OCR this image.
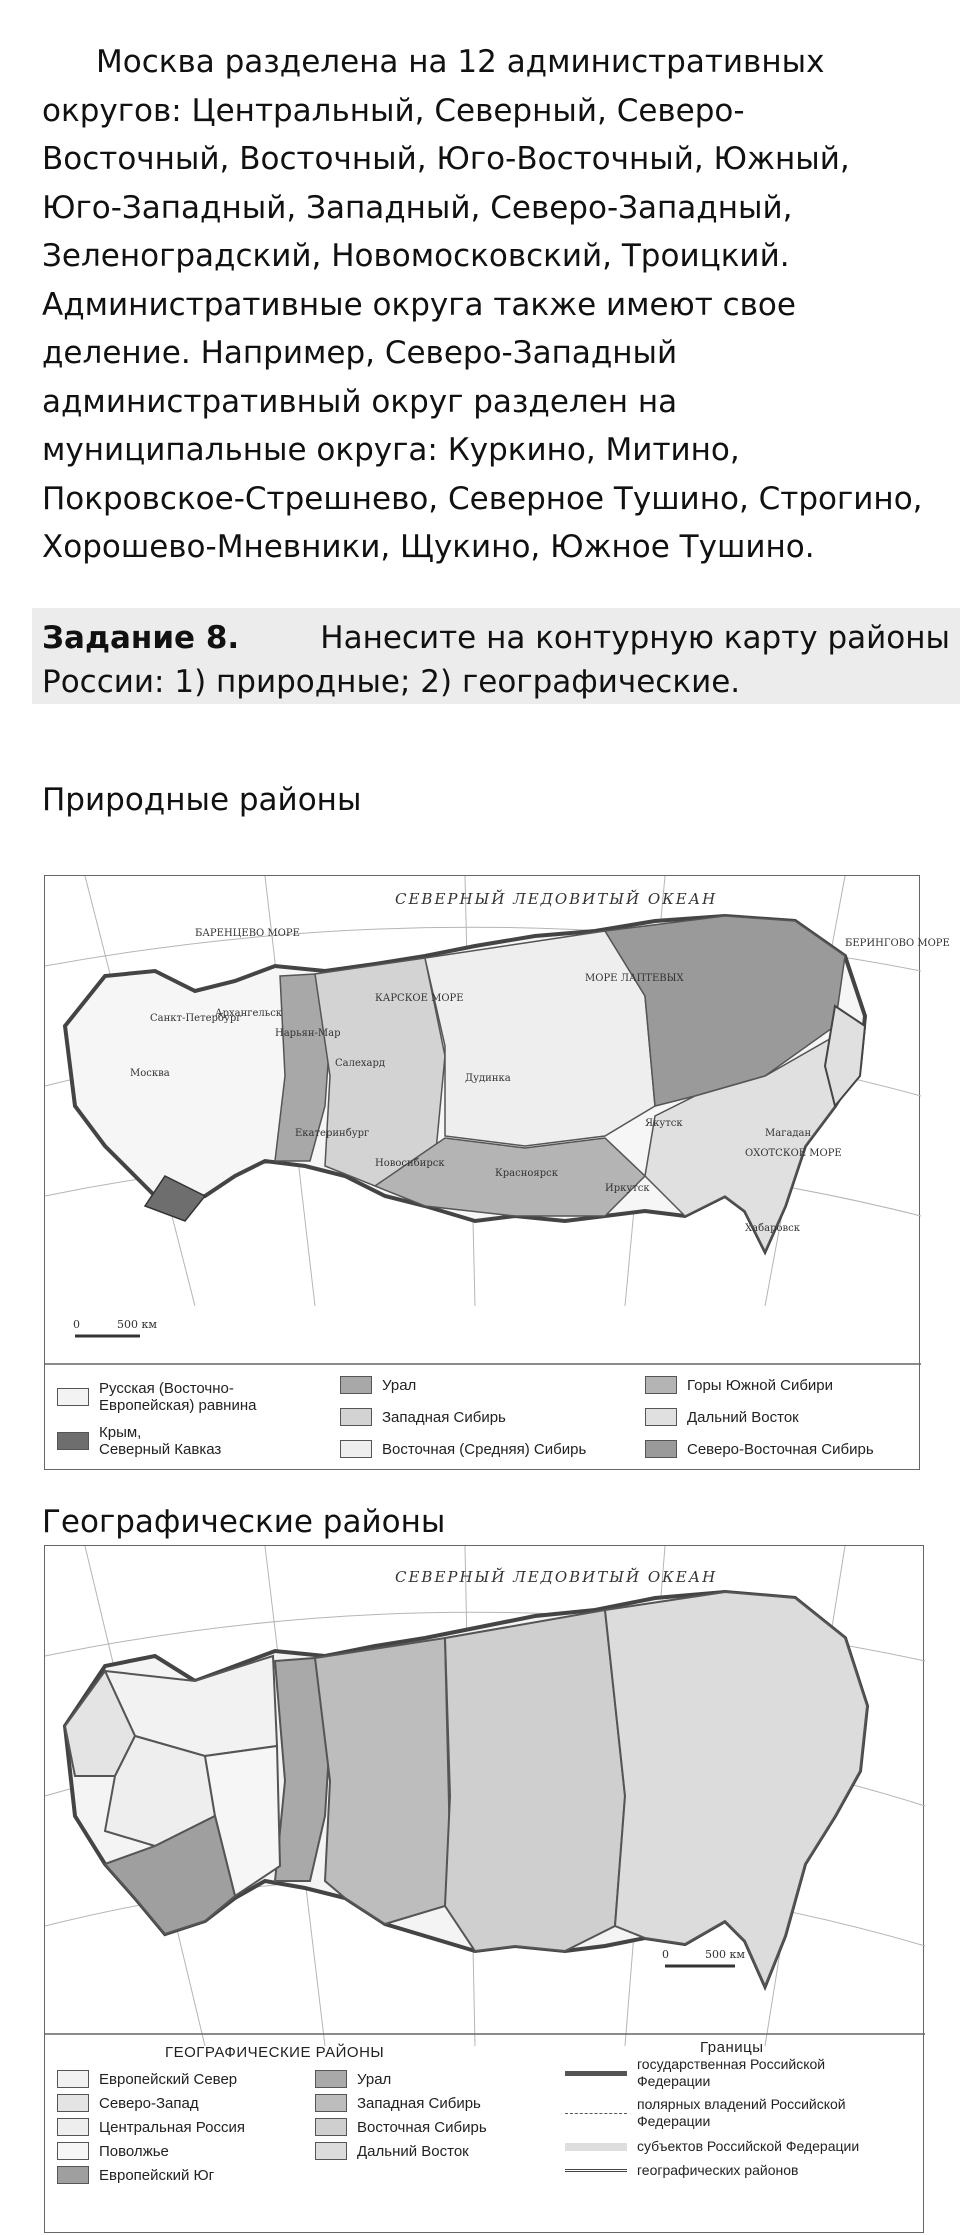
Москва разделена на 12 административных
округов: Центральный, Северный, Северо-
Восточный, Восточный, Юго-Восточный, Южный,
Юго-Западный, Западный, Северо-Западный,
Зеленоградский, Новомосковский, Троицкий.
Административные округа также имеют свое
деление. Например, Северо-Западный
административный округ разделен на
муниципальные округа: Куркино, Митино,
Покровское-Стрешнево, Северное Тушино, Строгино,
Хорошево-Мневники, Щукино, Южное Тушино.

Задание 8.	Нанесите на контурную карту районы
России: 1) природные; 2) географические.
Природные районы
0	500 км
СЕВЕРНЫЙ ЛЕДОВИТЫЙ ОКЕАН
КАРСКОЕ МОРЕ
МОРЕ ЛАПТЕВЫХ
ОХОТСКОЕ МОРЕ
БЕРИНГОВО МОРЕ
БАРЕНЦЕВО МОРЕ
Санкт-Петербург
Москва
Архангельск
Нарьян-Мар
Салехард
Дудинка
Якутск
Магадан
Хабаровск
Иркутск
Красноярск
Новосибирск
Екатеринбург
Русская (Восточно-
Европейская) равнина
Крым,
Северный Кавказ
Урал
Западная Сибирь
Восточная (Средняя) Сибирь
Горы Южной Сибири
Дальний Восток
Северо-Восточная Сибирь
Географические районы
0	500 км
СЕВЕРНЫЙ ЛЕДОВИТЫЙ ОКЕАН
ГЕОГРАФИЧЕСКИЕ РАЙОНЫ	Границы
Европейский Север
Северо-Запад
Центральная Россия
Поволжье
Европейский Юг
Урал
Западная Сибирь
Восточная Сибирь
Дальний Восток
государственная Российской
Федерации
полярных владений Российской
Федерации
субъектов Российской Федерации
географических районов
